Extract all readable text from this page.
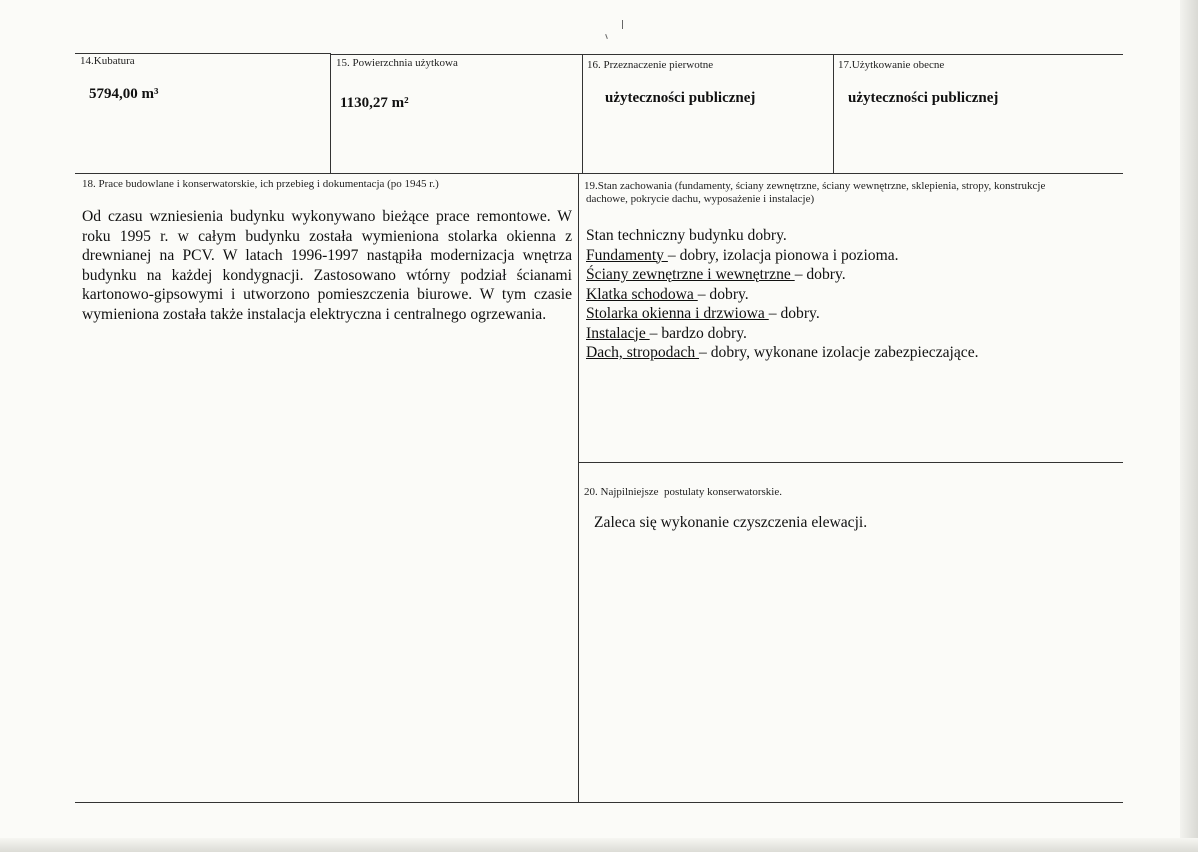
14.Kubatura
5794,00 m³
15. Powierzchnia użytkowa
1130,27 m²
16. Przeznaczenie pierwotne
użyteczności publicznej
17.Użytkowanie obecne
użyteczności publicznej
18. Prace budowlane i konserwatorskie, ich przebieg i dokumentacja (po 1945 r.)
Od czasu wzniesienia budynku wykonywano bieżące prace remontowe. W roku 1995 r. w całym budynku została wymieniona stolarka okienna z drewnianej na PCV. W latach 1996-1997 nastąpiła modernizacja wnętrza budynku na każdej kondygnacji. Zastosowano wtórny podział ścianami kartonowo-gipsowymi i utworzono pomieszczenia biurowe. W tym czasie wymieniona została także instalacja elektryczna i centralnego ogrzewania.
19.Stan zachowania (fundamenty, ściany zewnętrzne, ściany wewnętrzne, sklepienia, stropy, konstrukcje
dachowe, pokrycie dachu, wyposażenie i instalacje)
Stan techniczny budynku dobry.
Fundamenty – dobry, izolacja pionowa i pozioma.
Ściany zewnętrzne i wewnętrzne – dobry.
Klatka schodowa – dobry.
Stolarka okienna i drzwiowa – dobry.
Instalacje – bardzo dobry.
Dach, stropodach – dobry, wykonane izolacje zabezpieczające.
20. Najpilniejsze  postulaty konserwatorskie.
Zaleca się wykonanie czyszczenia elewacji.
